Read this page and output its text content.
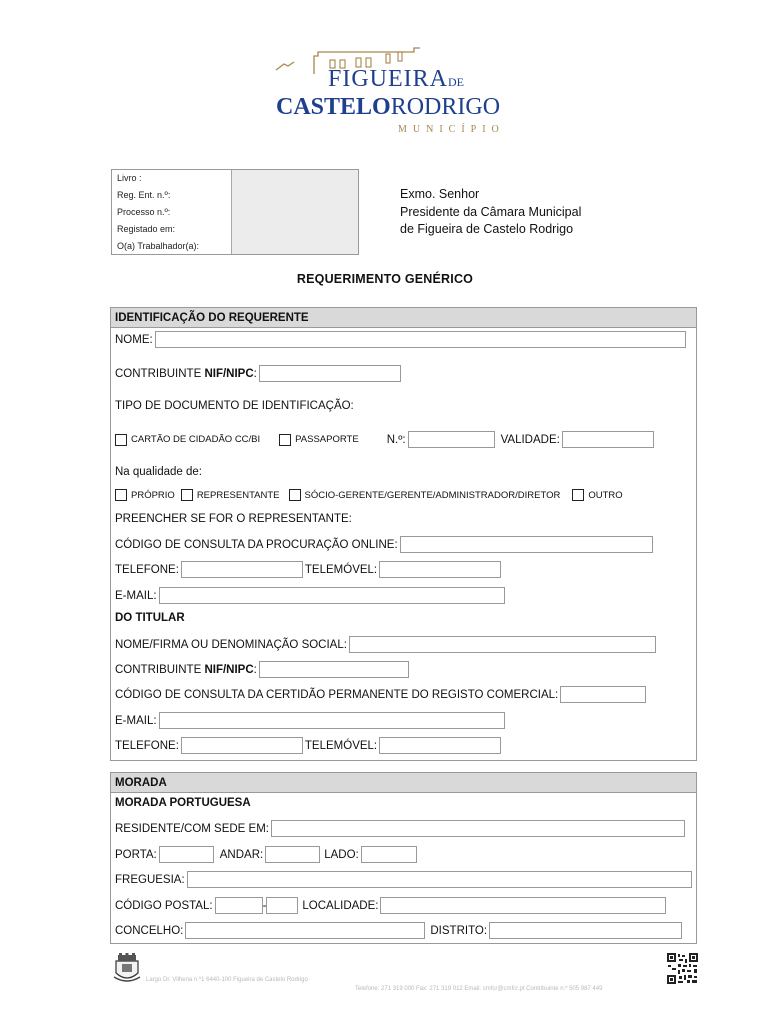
FIGUEIRADE
CASTELORODRIGO
MUNICÍPIO
Livro :
Reg. Ent. n.º:
Processo n.º:
Registado em:
O(a) Trabalhador(a):
Exmo. Senhor
Presidente da Câmara Municipal
de Figueira de Castelo Rodrigo
REQUERIMENTO GENÉRICO
IDENTIFICAÇÃO DO REQUERENTE
NOME:
CONTRIBUINTE NIF/NIPC:
TIPO DE DOCUMENTO DE IDENTIFICAÇÃO:
CARTÃO DE CIDADÃO CC/BI	PASSAPORTE N.º:	VALIDADE:
Na qualidade de:
PRÓPRIO REPRESENTANTE	SÓCIO-GERENTE/GERENTE/ADMINISTRADOR/DIRETOR	OUTRO
PREENCHER SE FOR O REPRESENTANTE:
CÓDIGO DE CONSULTA DA PROCURAÇÃO ONLINE:
TELEFONE:	TELEMÓVEL:
E-MAIL:
DO TITULAR
NOME/FIRMA OU DENOMINAÇÃO SOCIAL:
CONTRIBUINTE NIF/NIPC:
CÓDIGO DE CONSULTA DA CERTIDÃO PERMANENTE DO REGISTO COMERCIAL:
E-MAIL:
TELEFONE:	TELEMÓVEL:
MORADA
MORADA PORTUGUESA
RESIDENTE/COM SEDE EM:
PORTA:	ANDAR:	LADO:
FREGUESIA:
CÓDIGO POSTAL:	-	LOCALIDADE:
CONCELHO:	DISTRITO:
Largo Dr. Vilhena n.º1 6440-100 Figueira de Castelo Rodrigo
Telefone: 271 319 000 Fax: 271 319 012 Email: cmfcr@cmfcr.pt Contribuinte n.º 505 987 449
